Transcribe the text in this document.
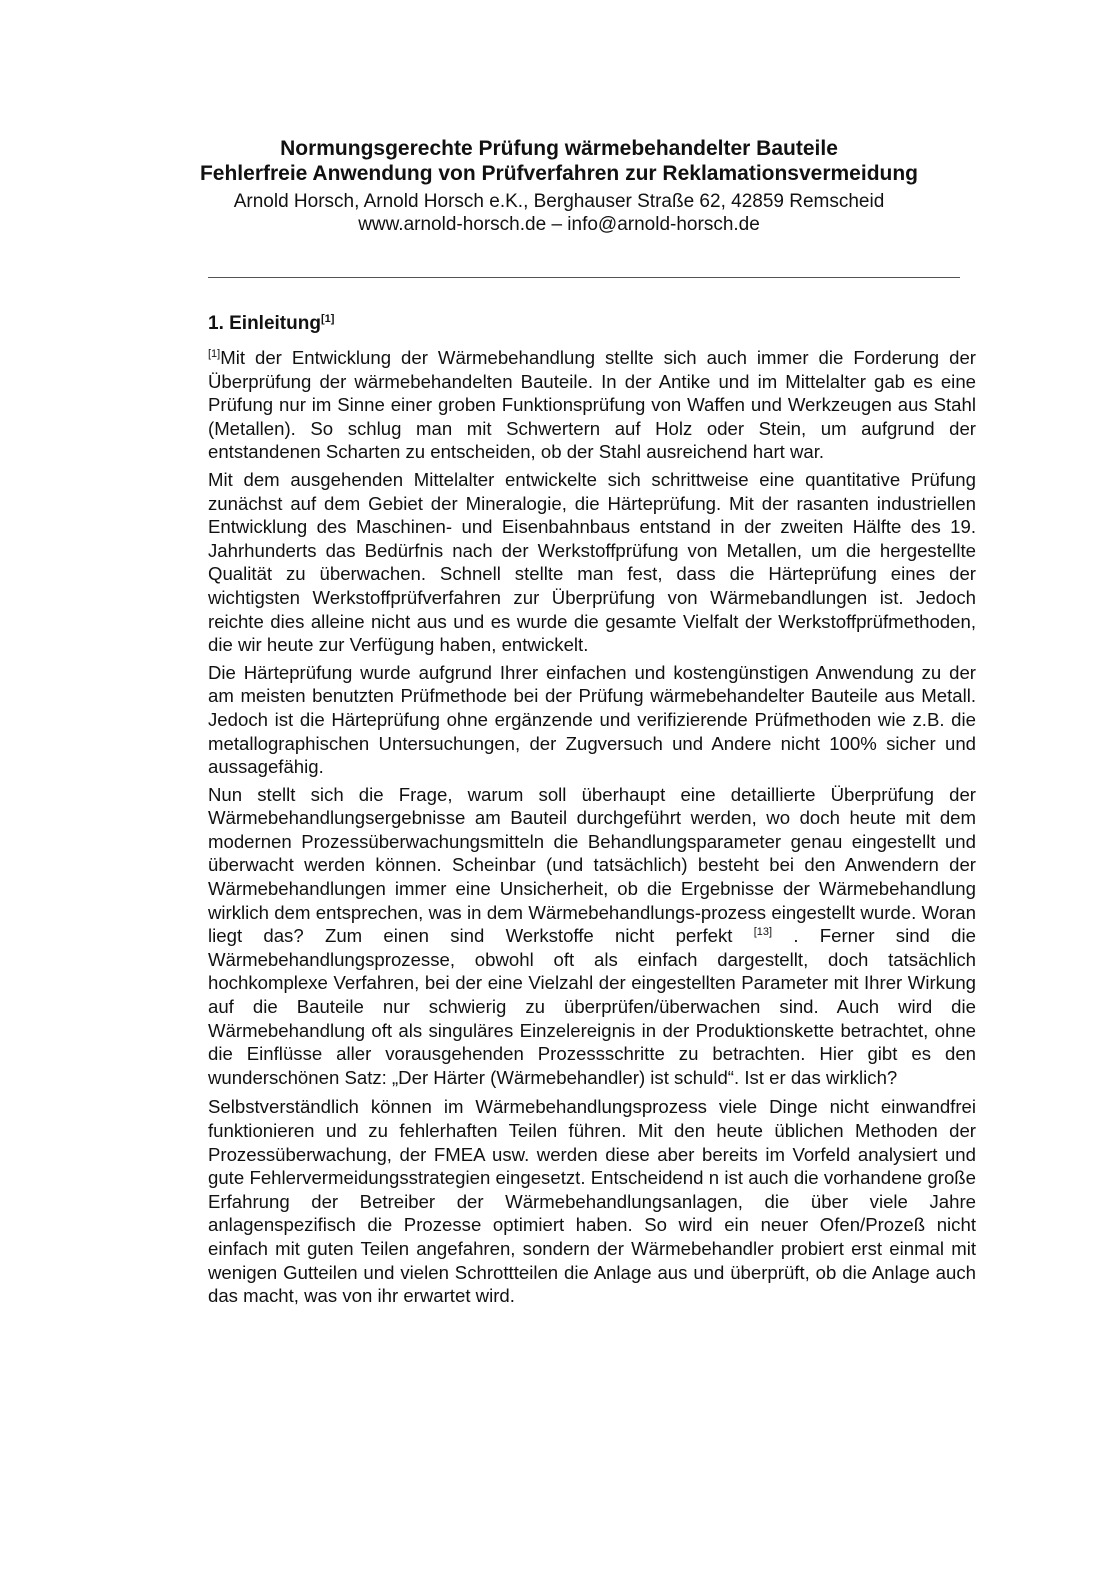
Normungsgerechte Prüfung wärmebehandelter Bauteile

Fehlerfreie Anwendung von Prüfverfahren zur Reklamationsvermeidung

Arnold Horsch, Arnold Horsch e.K., Berghauser Straße 62, 42859 Remscheid

www.arnold-horsch.de – info@arnold-horsch.de

1. Einleitung[1]

[1]Mit der Entwicklung der Wärmebehandlung stellte sich auch immer die Forderung der Überprüfung der wärmebehandelten Bauteile. In der Antike und im Mittelalter gab es eine Prüfung nur im Sinne einer groben Funktionsprüfung von Waffen und Werkzeugen aus Stahl (Metallen). So schlug man mit Schwertern auf Holz oder Stein, um aufgrund der entstandenen Scharten zu entscheiden, ob der Stahl ausreichend hart war.

Mit dem ausgehenden Mittelalter entwickelte sich schrittweise eine quantitative Prüfung zunächst auf dem Gebiet der Mineralogie, die Härteprüfung. Mit der rasanten industriellen Entwicklung des Maschinen- und Eisenbahnbaus entstand in der zweiten Hälfte des 19. Jahrhunderts das Bedürfnis nach der Werkstoffprüfung von Metallen, um die hergestellte Qualität zu überwachen. Schnell stellte man fest, dass die Härteprüfung eines der wichtigsten Werkstoffprüfverfahren zur Überprüfung von Wärmebandlungen ist. Jedoch reichte dies alleine nicht aus und es wurde die gesamte Vielfalt der Werkstoffprüfmethoden, die wir heute zur Verfügung haben, entwickelt.

Die Härteprüfung wurde aufgrund Ihrer einfachen und kostengünstigen Anwendung zu der am meisten benutzten Prüfmethode bei der Prüfung wärmebehandelter Bauteile aus Metall. Jedoch ist die Härteprüfung ohne ergänzende und verifizierende Prüfmethoden wie z.B. die metallographischen Untersuchungen, der Zugversuch und Andere nicht 100% sicher und aussagefähig.

Nun stellt sich die Frage, warum soll überhaupt eine detaillierte Überprüfung der Wärmebehandlungsergebnisse am Bauteil durchgeführt werden, wo doch heute mit dem modernen Prozessüberwachungsmitteln die Behandlungsparameter genau eingestellt und überwacht werden können. Scheinbar (und tatsächlich) besteht bei den Anwendern der Wärmebehandlungen immer eine Unsicherheit, ob die Ergebnisse der Wärmebehandlung wirklich dem entsprechen, was in dem Wärmebehandlungs-prozess eingestellt wurde. Woran liegt das? Zum einen sind Werkstoffe nicht perfekt [13] . Ferner sind die Wärmebehandlungsprozesse, obwohl oft als einfach dargestellt, doch tatsächlich hochkomplexe Verfahren, bei der eine Vielzahl der eingestellten Parameter mit Ihrer Wirkung auf die Bauteile nur schwierig zu überprüfen/überwachen sind. Auch wird die Wärmebehandlung oft als singuläres Einzelereignis in der Produktionskette betrachtet, ohne die Einflüsse aller vorausgehenden Prozessschritte zu betrachten. Hier gibt es den wunderschönen Satz: „Der Härter (Wärmebehandler) ist schuld“. Ist er das wirklich?

Selbstverständlich können im Wärmebehandlungsprozess viele Dinge nicht einwandfrei funktionieren und zu fehlerhaften Teilen führen. Mit den heute üblichen Methoden der Prozessüberwachung, der FMEA usw. werden diese aber bereits im Vorfeld analysiert und gute Fehlervermeidungsstrategien eingesetzt. Entscheidend n ist auch die vorhandene große Erfahrung der Betreiber der Wärmebehandlungsanlagen, die über viele Jahre anlagenspezifisch die Prozesse optimiert haben. So wird ein neuer Ofen/Prozeß nicht einfach mit guten Teilen angefahren, sondern der Wärmebehandler probiert erst einmal mit wenigen Gutteilen und vielen Schrottteilen die Anlage aus und überprüft, ob die Anlage auch das macht, was von ihr erwartet wird.
